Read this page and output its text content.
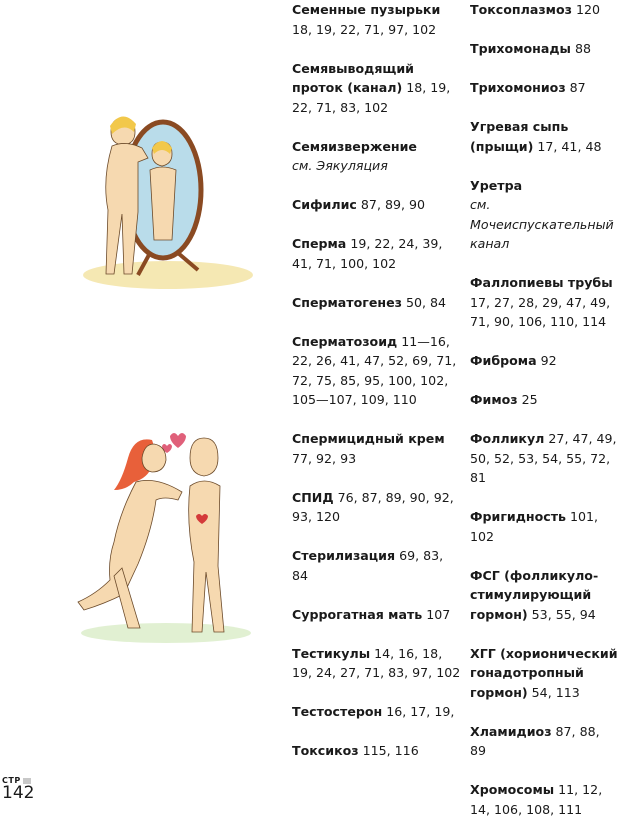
Семенные пузырьки 18, 19, 22, 71, 97, 102
Семявыводящий проток (канал) 18, 19, 22, 71, 83, 102
Семяизвержение
см. Эякуляция
Сифилис 87, 89, 90
Сперма 19, 22, 24, 39, 41, 71, 100, 102
Сперматогенез 50, 84
Сперматозоид 11—16, 22, 26, 41, 47, 52, 69, 71, 72, 75, 85, 95, 100, 102, 105—107, 109, 110
Спермицидный крем 77, 92, 93
СПИД 76, 87, 89, 90, 92, 93, 120
Стерилизация 69, 83, 84
Суррогатная мать 107
Тестикулы 14, 16, 18, 19, 24, 27, 71, 83, 97, 102
Тестостерон 16, 17, 19,
Токсикоз 115, 116
Токсоплазмоз 120
Трихомонады 88
Трихомониоз 87
Угревая сыпь (прыщи) 17, 41, 48
Уретра
см. Мочеиспускательный канал
Фаллопиевы трубы 17, 27, 28, 29, 47, 49, 71, 90, 106, 110, 114
Фиброма 92
Фимоз 25
Фолликул 27, 47, 49, 50, 52, 53, 54, 55, 72, 81
Фригидность 101, 102
ФСГ (фолликуло-стимулирующий гормон) 53, 55, 94
ХГГ (хорионический гонадотропный гормон) 54, 113
Хламидиоз 87, 88, 89
Хромосомы 11, 12, 14, 106, 108, 111
СТР
142
